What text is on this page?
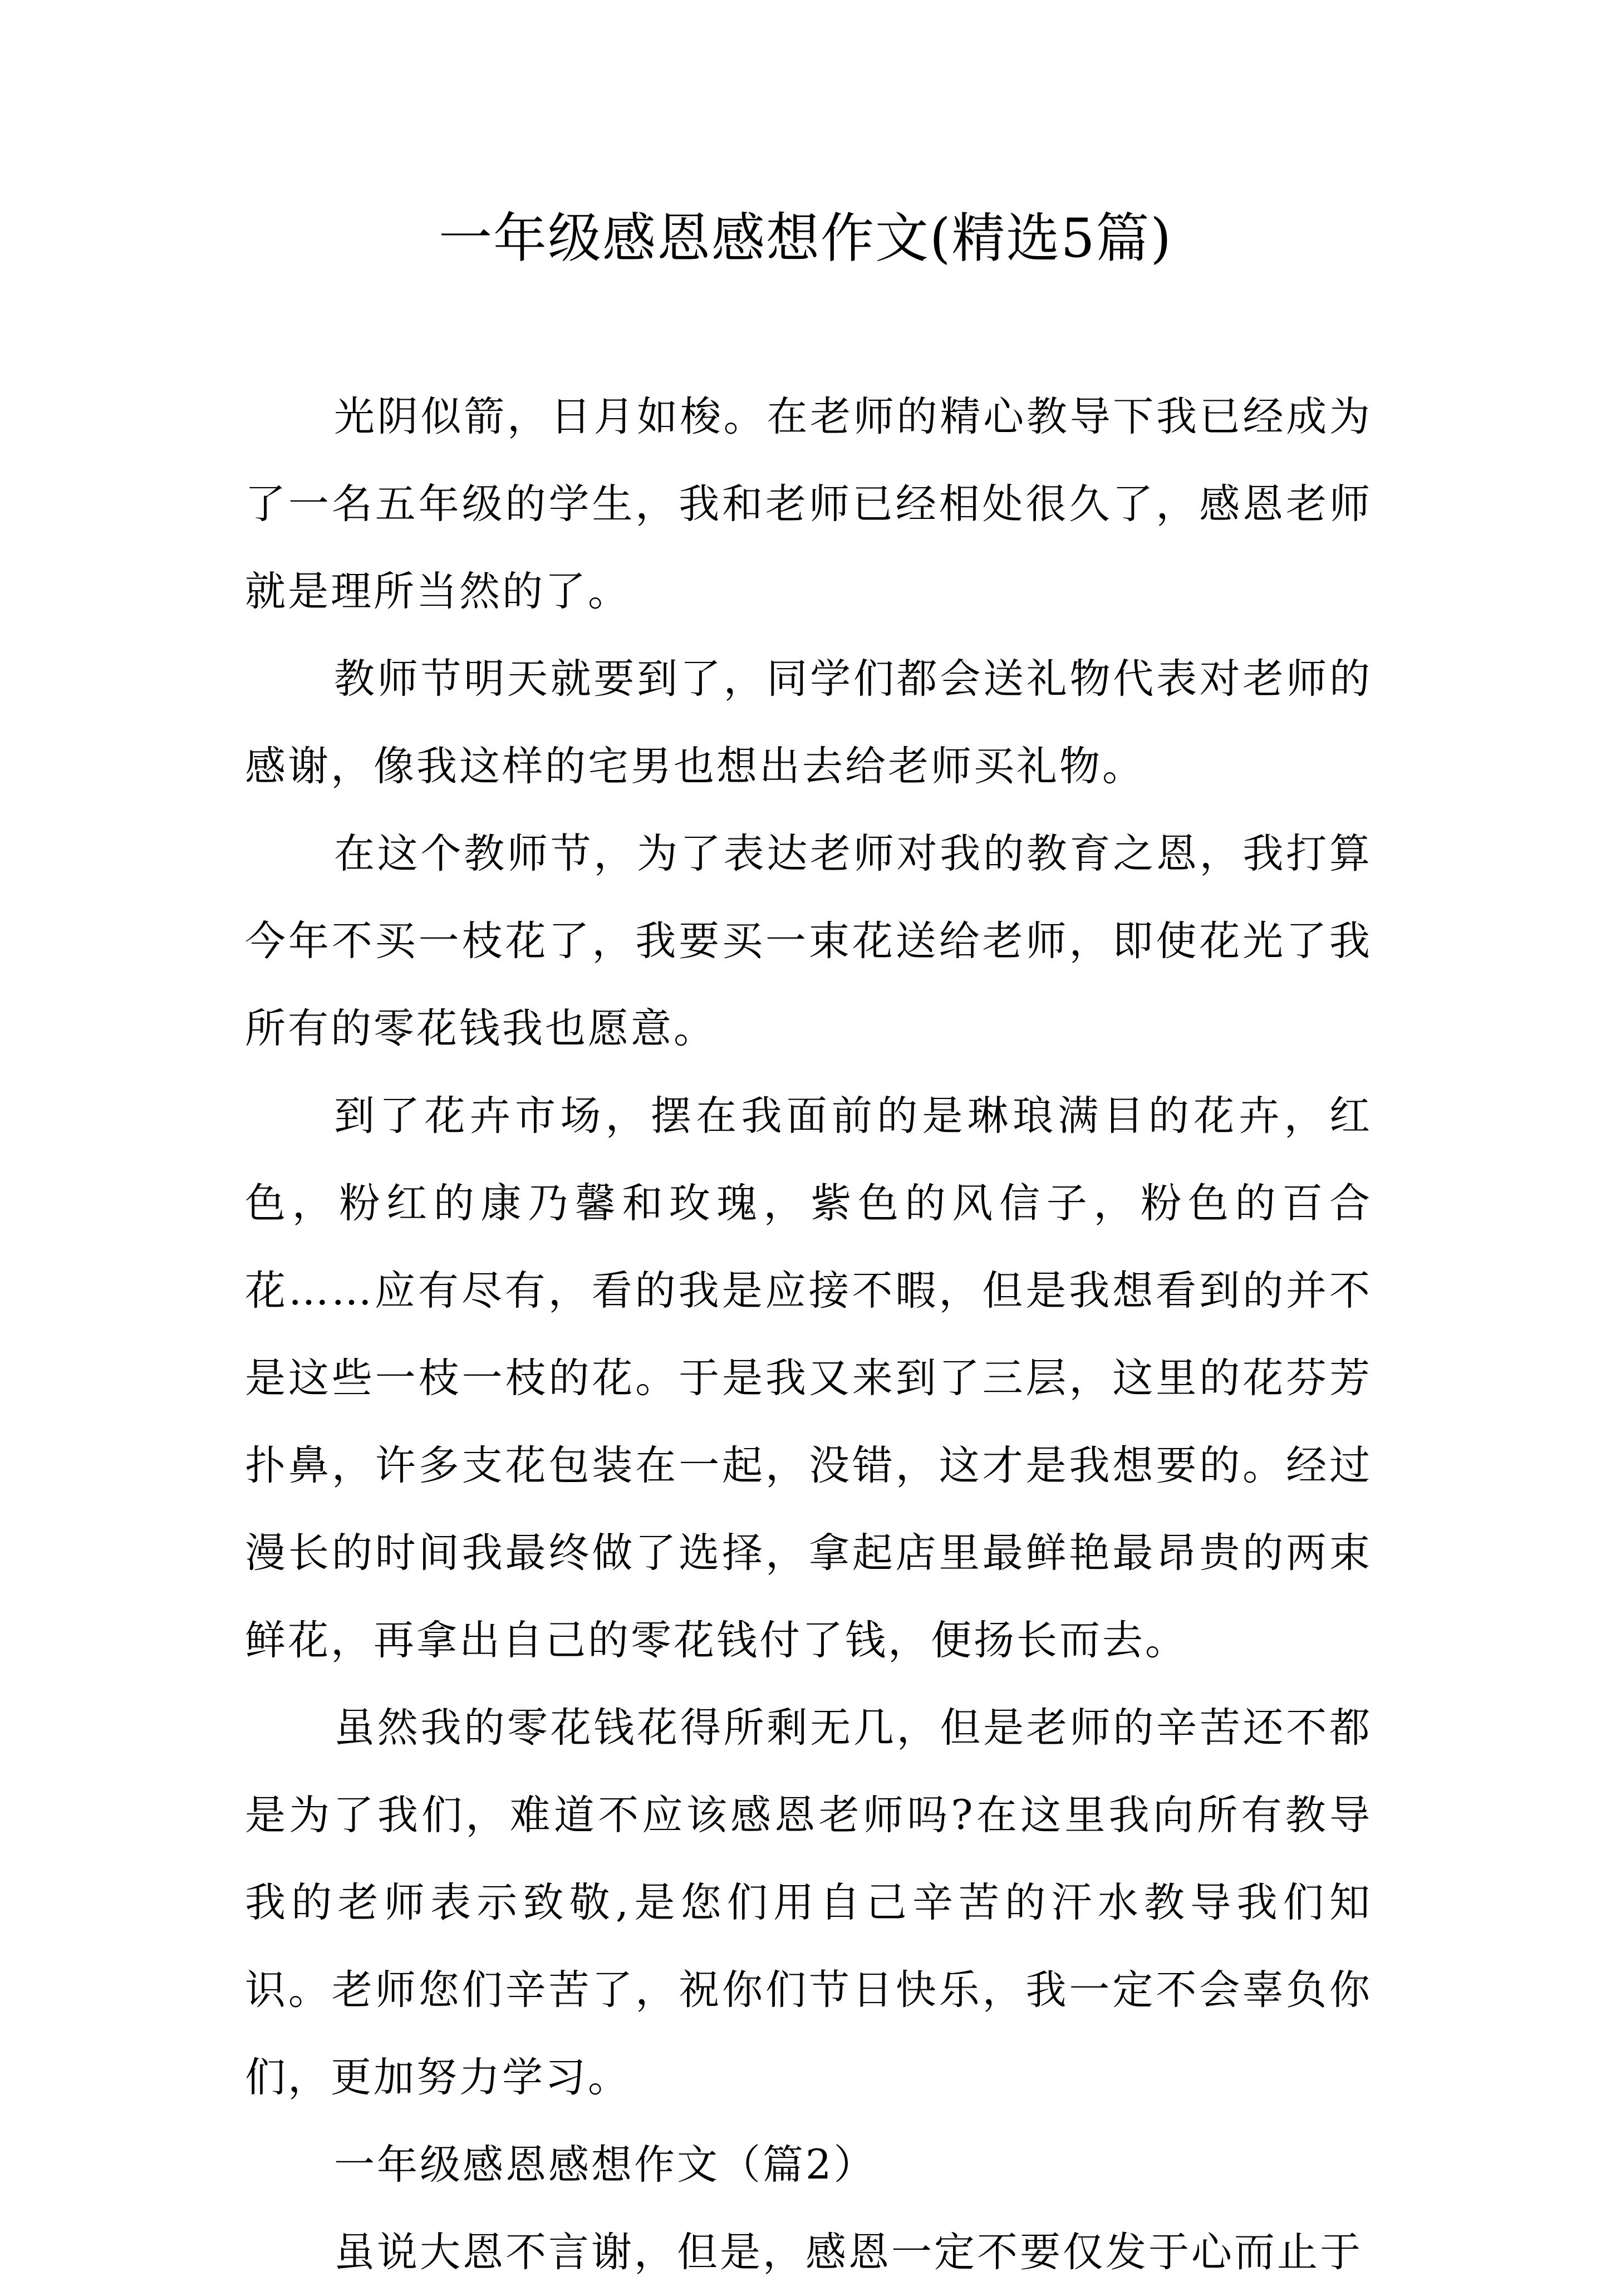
一年级感恩感想作文(精选5篇)

光阴似箭，日月如梭。在老师的精心教导下我已经成为了一名五年级的学生，我和老师已经相处很久了，感恩老师就是理所当然的了。

教师节明天就要到了，同学们都会送礼物代表对老师的感谢，像我这样的宅男也想出去给老师买礼物。

在这个教师节，为了表达老师对我的教育之恩，我打算今年不买一枝花了，我要买一束花送给老师，即使花光了我所有的零花钱我也愿意。

到了花卉市场，摆在我面前的是琳琅满目的花卉，红色，粉红的康乃馨和玫瑰，紫色的风信子，粉色的百合花……应有尽有，看的我是应接不暇，但是我想看到的并不是这些一枝一枝的花。于是我又来到了三层，这里的花芬芳扑鼻，许多支花包装在一起，没错，这才是我想要的。经过漫长的时间我最终做了选择，拿起店里最鲜艳最昂贵的两束鲜花，再拿出自己的零花钱付了钱，便扬长而去。

虽然我的零花钱花得所剩无几，但是老师的辛苦还不都是为了我们，难道不应该感恩老师吗?在这里我向所有教导我的老师表示致敬,是您们用自己辛苦的汗水教导我们知识。老师您们辛苦了，祝你们节日快乐，我一定不会辜负你们，更加努力学习。

一年级感恩感想作文（篇2）

虽说大恩不言谢，但是，感恩一定不要仅发于心而止于
